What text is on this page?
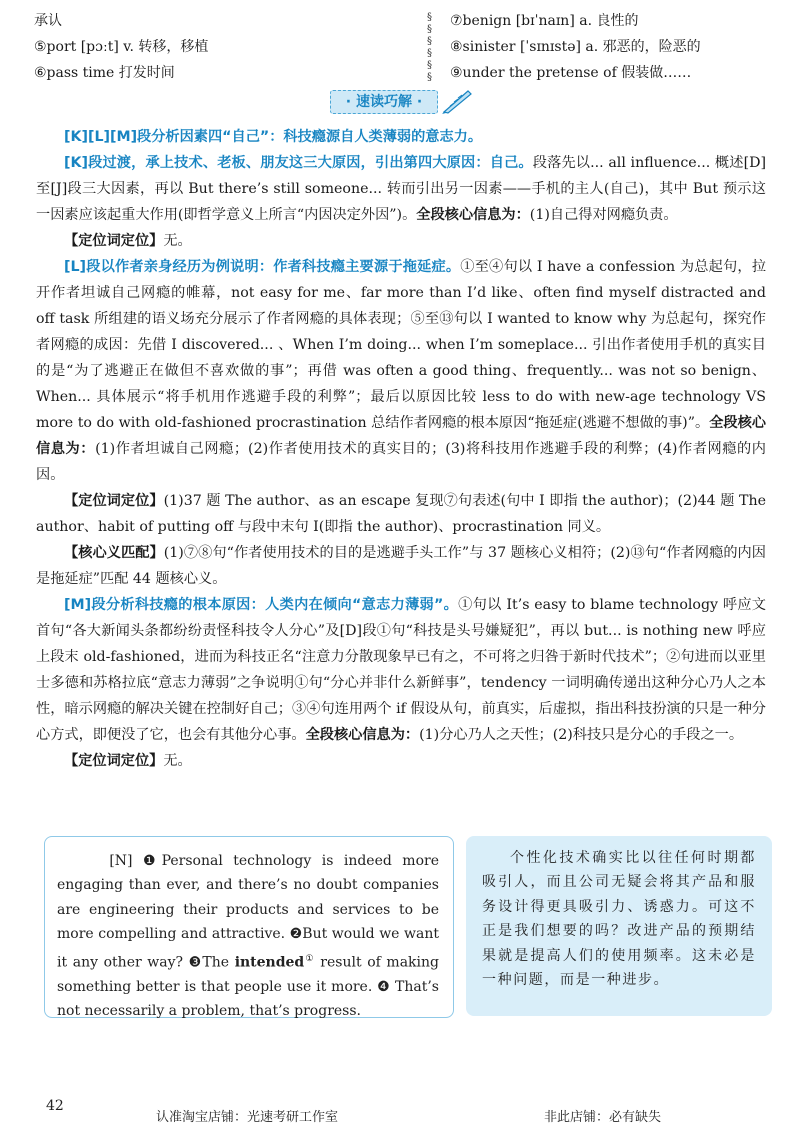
承认
⑤port [pɔːt] v. 转移，移植
⑥pass time 打发时间
§
§
§
§
§
§
⑦benign [bɪˈnaɪn] a. 良性的
⑧sinister [ˈsɪnɪstə] a. 邪恶的，险恶的
⑨under the pretense of 假装做……
· 速读巧解 ·

[K][L][M]段分析因素四“自己”：科技瘾源自人类薄弱的意志力。

[K]段过渡，承上技术、老板、朋友这三大原因，引出第四大原因：自己。段落先以... all influence... 概述[D]至[J]段三大因素，再以 But there’s still someone... 转而引出另一因素——手机的主人(自己)，其中 But 预示这一因素应该起重大作用(即哲学意义上所言“内因决定外因”)。全段核心信息为：(1)自己得对网瘾负责。

【定位词定位】无。

[L]段以作者亲身经历为例说明：作者科技瘾主要源于拖延症。①至④句以 I have a confession 为总起句，拉开作者坦诚自己网瘾的帷幕，not easy for me、far more than I’d like、often find myself distracted and off task 所组建的语义场充分展示了作者网瘾的具体表现；⑤至⑬句以 I wanted to know why 为总起句，探究作者网瘾的成因：先借 I discovered... 、When I’m doing... when I’m someplace... 引出作者使用手机的真实目的是“为了逃避正在做但不喜欢做的事”；再借 was often a good thing、frequently... was not so benign、When... 具体展示“将手机用作逃避手段的利弊”；最后以原因比较 less to do with new-age technology VS more to do with old-fashioned procrastination 总结作者网瘾的根本原因“拖延症(逃避不想做的事)”。全段核心信息为：(1)作者坦诚自己网瘾；(2)作者使用技术的真实目的；(3)将科技用作逃避手段的利弊；(4)作者网瘾的内因。

【定位词定位】(1)37 题 The author、as an escape 复现⑦句表述(句中 I 即指 the author)；(2)44 题 The author、habit of putting off 与段中末句 I(即指 the author)、procrastination 同义。

【核心义匹配】(1)⑦⑧句“作者使用技术的目的是逃避手头工作”与 37 题核心义相符；(2)⑬句“作者网瘾的内因是拖延症”匹配 44 题核心义。

[M]段分析科技瘾的根本原因：人类内在倾向“意志力薄弱”。①句以 It’s easy to blame technology 呼应文首句“各大新闻头条都纷纷责怪科技令人分心”及[D]段①句“科技是头号嫌疑犯”，再以 but... is nothing new 呼应上段末 old-fashioned，进而为科技正名“注意力分散现象早已有之，不可将之归咎于新时代技术”；②句进而以亚里士多德和苏格拉底“意志力薄弱”之争说明①句“分心并非什么新鲜事”，tendency 一词明确传递出这种分心乃人之本性，暗示网瘾的解决关键在控制好自己；③④句连用两个 if 假设从句，前真实，后虚拟，指出科技扮演的只是一种分心方式，即便没了它，也会有其他分心事。全段核心信息为：(1)分心乃人之天性；(2)科技只是分心的手段之一。

【定位词定位】无。

[N] ❶Personal technology is indeed more engaging than ever, and there’s no doubt companies are engineering their products and services to be more compelling and attractive. ❷But would we want it any other way? ❸The intended① result of making something better is that people use it more. ❹ That’s not necessarily a problem, that’s progress.
个性化技术确实比以往任何时期都吸引人，而且公司无疑会将其产品和服务设计得更具吸引力、诱惑力。可这不正是我们想要的吗？改进产品的预期结果就是提高人们的使用频率。这未必是一种问题，而是一种进步。
42
认准淘宝店铺：光速考研工作室	非此店铺：必有缺失
